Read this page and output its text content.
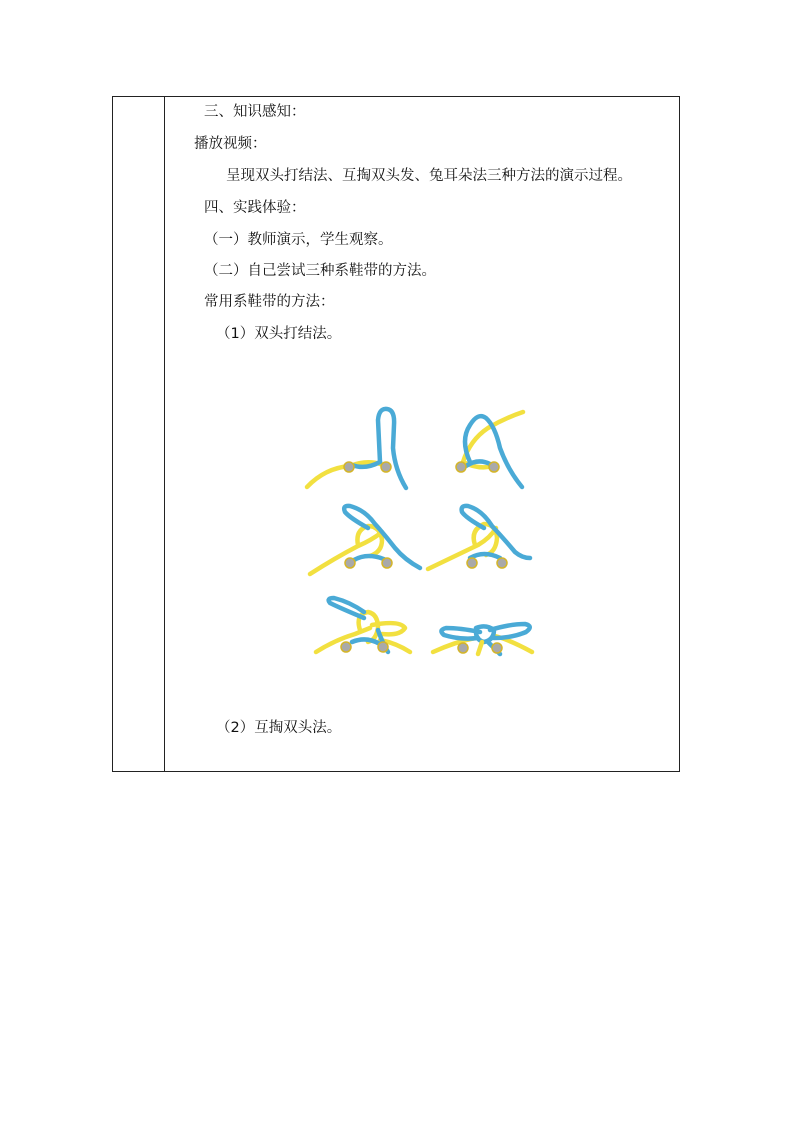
三、知识感知：
播放视频：
呈现双头打结法、互掏双头发、兔耳朵法三种方法的演示过程。
四、实践体验：
（一）教师演示，学生观察。
（二）自己尝试三种系鞋带的方法。
常用系鞋带的方法：
（1）双头打结法。
（2）互掏双头法。
